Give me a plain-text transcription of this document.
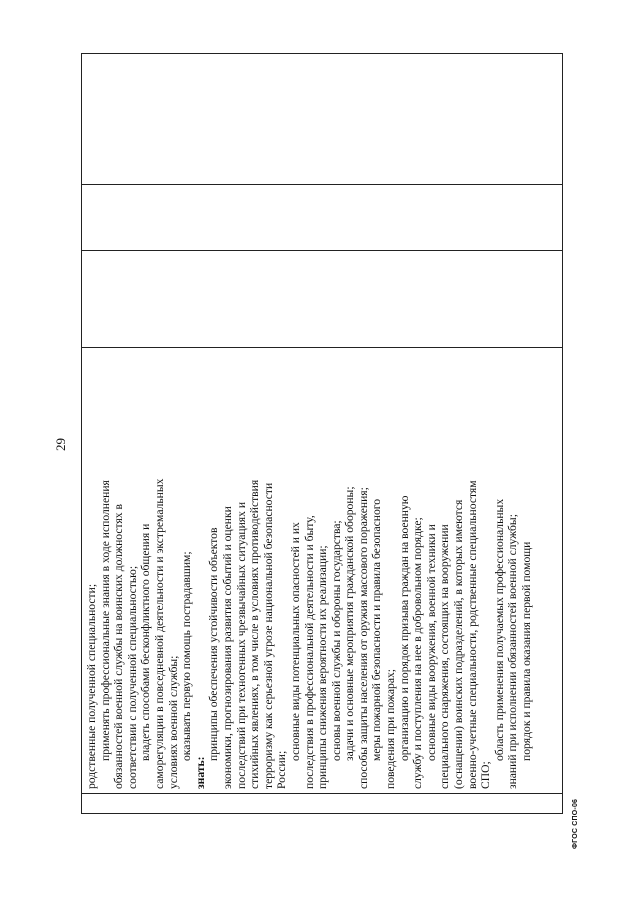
29

родственные полученной специальности; применять профессиональные знания в ходе исполнения обязанностей военной службы на воинских должностях в соответствии с полученной специальностью; владеть способами бесконфликтного общения и саморегуляции в повседневной деятельности и экстремальных условиях военной службы; оказывать первую помощь пострадавшим;
знать:
принципы обеспечения устойчивости объектов экономики, прогнозирования развития событий и оценки последствий при техногенных чрезвычайных ситуациях и стихийных явлениях, в том числе в условиях противодействия терроризму как серьезной угрозе национальной безопасности России;
основные виды потенциальных опасностей и их последствия в профессиональной деятельности и быту, принципы снижения вероятности их реализации; основы военной службы и обороны государства; задачи и основные мероприятия гражданской обороны; способы защиты населения от оружия массового поражения; меры пожарной безопасности и правила безопасного поведения при пожарах; организацию и порядок призыва граждан на военную службу и поступления на нее в добровольном порядке; основные виды вооружения, военной техники и специального снаряжения, состоящих на вооружении (оснащении) воинских подразделений, в которых имеются военно-учетные специальности, родственные специальностям СПО;
область применения получаемых профессиональных знаний при исполнении обязанностей военной службы; порядок и правила оказания первой помощи

ФГОС СПО-06
